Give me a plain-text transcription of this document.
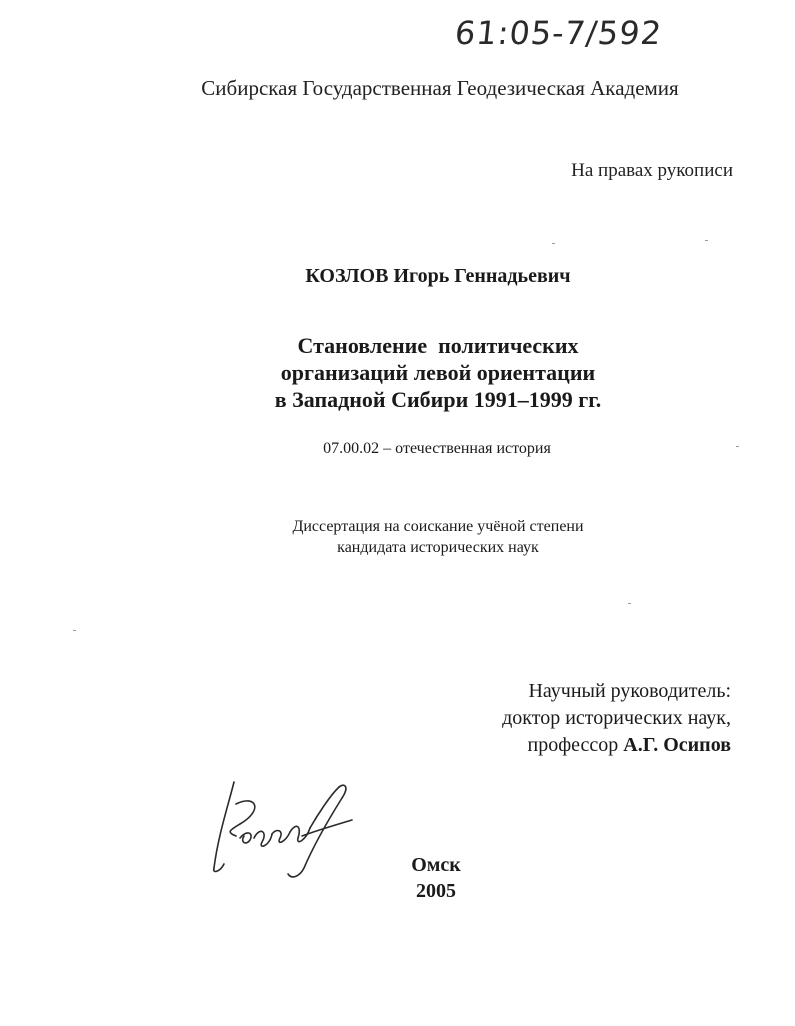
61:05-7/592
Сибирская Государственная Геодезическая Академия
На правах рукописи
КОЗЛОВ Игорь Геннадьевич
Становление  политических
организаций левой ориентации
в Западной Сибири 1991–1999 гг.
07.00.02 – отечественная история
Диссертация на соискание учёной степени
кандидата исторических наук
Научный руководитель:
доктор исторических наук,
профессор А.Г. Осипов
Омск
2005
